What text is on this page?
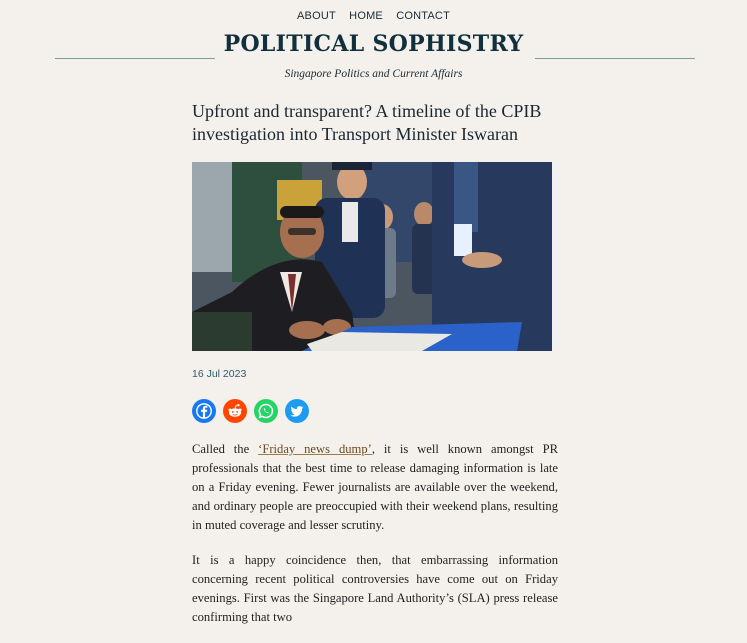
ABOUT HOME CONTACT
POLITICAL SOPHISTRY
Singapore Politics and Current Affairs
Upfront and transparent? A timeline of the CPIB investigation into Transport Minister Iswaran
16 Jul 2023

Called the ‘Friday news dump’, it is well known amongst PR professionals that the best time to release damaging information is late on a Friday evening. Fewer journalists are available over the weekend, and ordinary people are preoccupied with their weekend plans, resulting in muted coverage and lesser scrutiny.

It is a happy coincidence then, that embarrassing information concerning recent political controversies have come out on Friday evenings. First was the Singapore Land Authority’s (SLA) press release confirming that two
